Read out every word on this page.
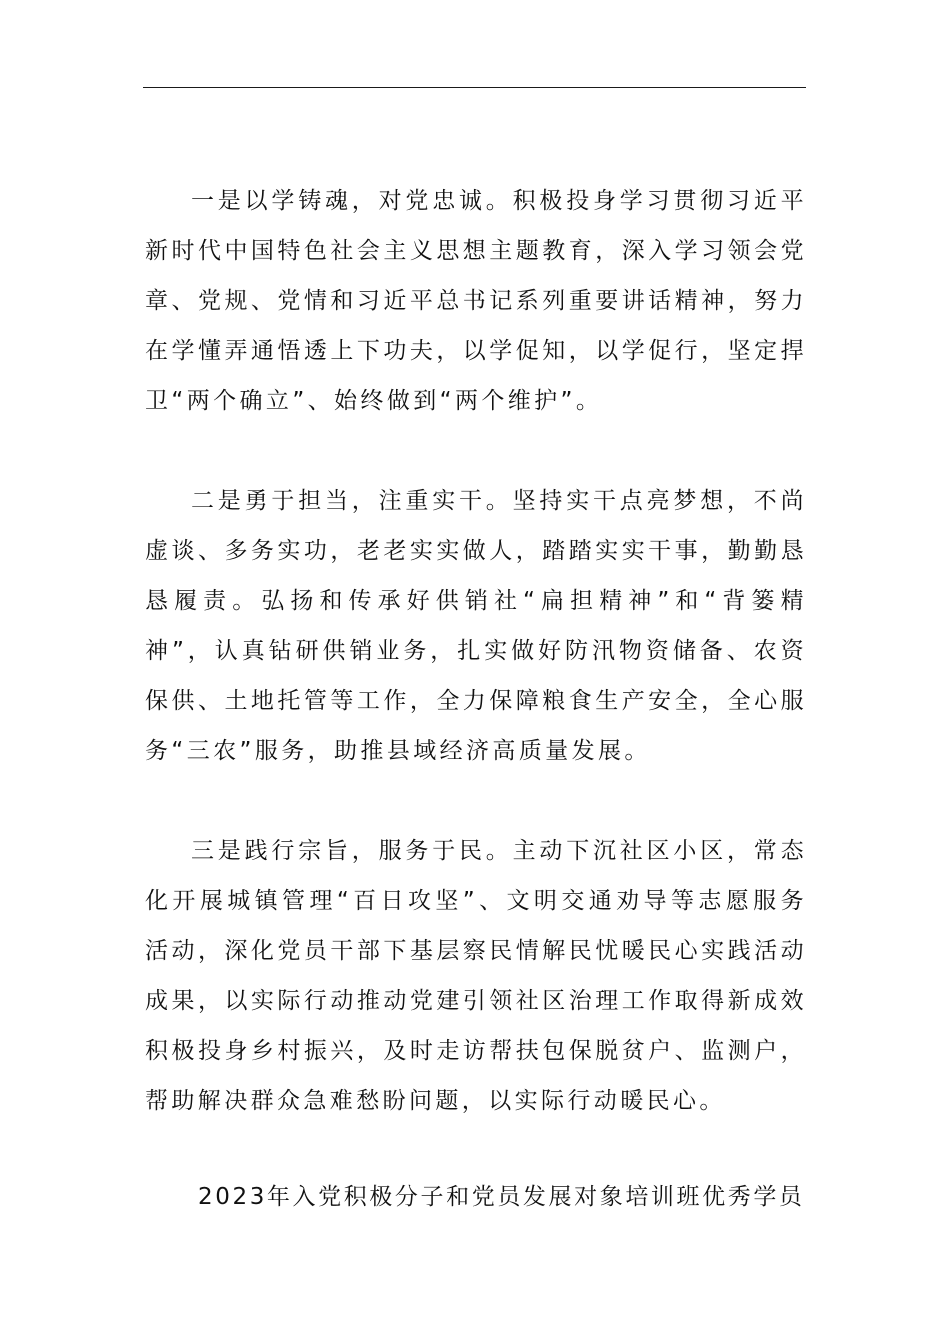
一是以学铸魂，对党忠诚。积极投身学习贯彻习近平新时代中国特色社会主义思想主题教育，深入学习领会党章、党规、党情和习近平总书记系列重要讲话精神，努力在学懂弄通悟透上下功夫，以学促知，以学促行，坚定捍卫“两个确立”、始终做到“两个维护”。

二是勇于担当，注重实干。坚持实干点亮梦想，不尚虚谈、多务实功，老老实实做人，踏踏实实干事，勤勤恳恳履责。弘扬和传承好供销社“扁担精神”和“背篓精神”，认真钻研供销业务，扎实做好防汛物资储备、农资保供、土地托管等工作，全力保障粮食生产安全，全心服务“三农”服务，助推县域经济高质量发展。

三是践行宗旨，服务于民。主动下沉社区小区，常态化开展城镇管理“百日攻坚”、文明交通劝导等志愿服务活动，深化党员干部下基层察民情解民忧暖民心实践活动成果，以实际行动推动党建引领社区治理工作取得新成效积极投身乡村振兴，及时走访帮扶包保脱贫户、监测户，帮助解决群众急难愁盼问题，以实际行动暖民心。

2023年入党积极分子和党员发展对象培训班优秀学员
